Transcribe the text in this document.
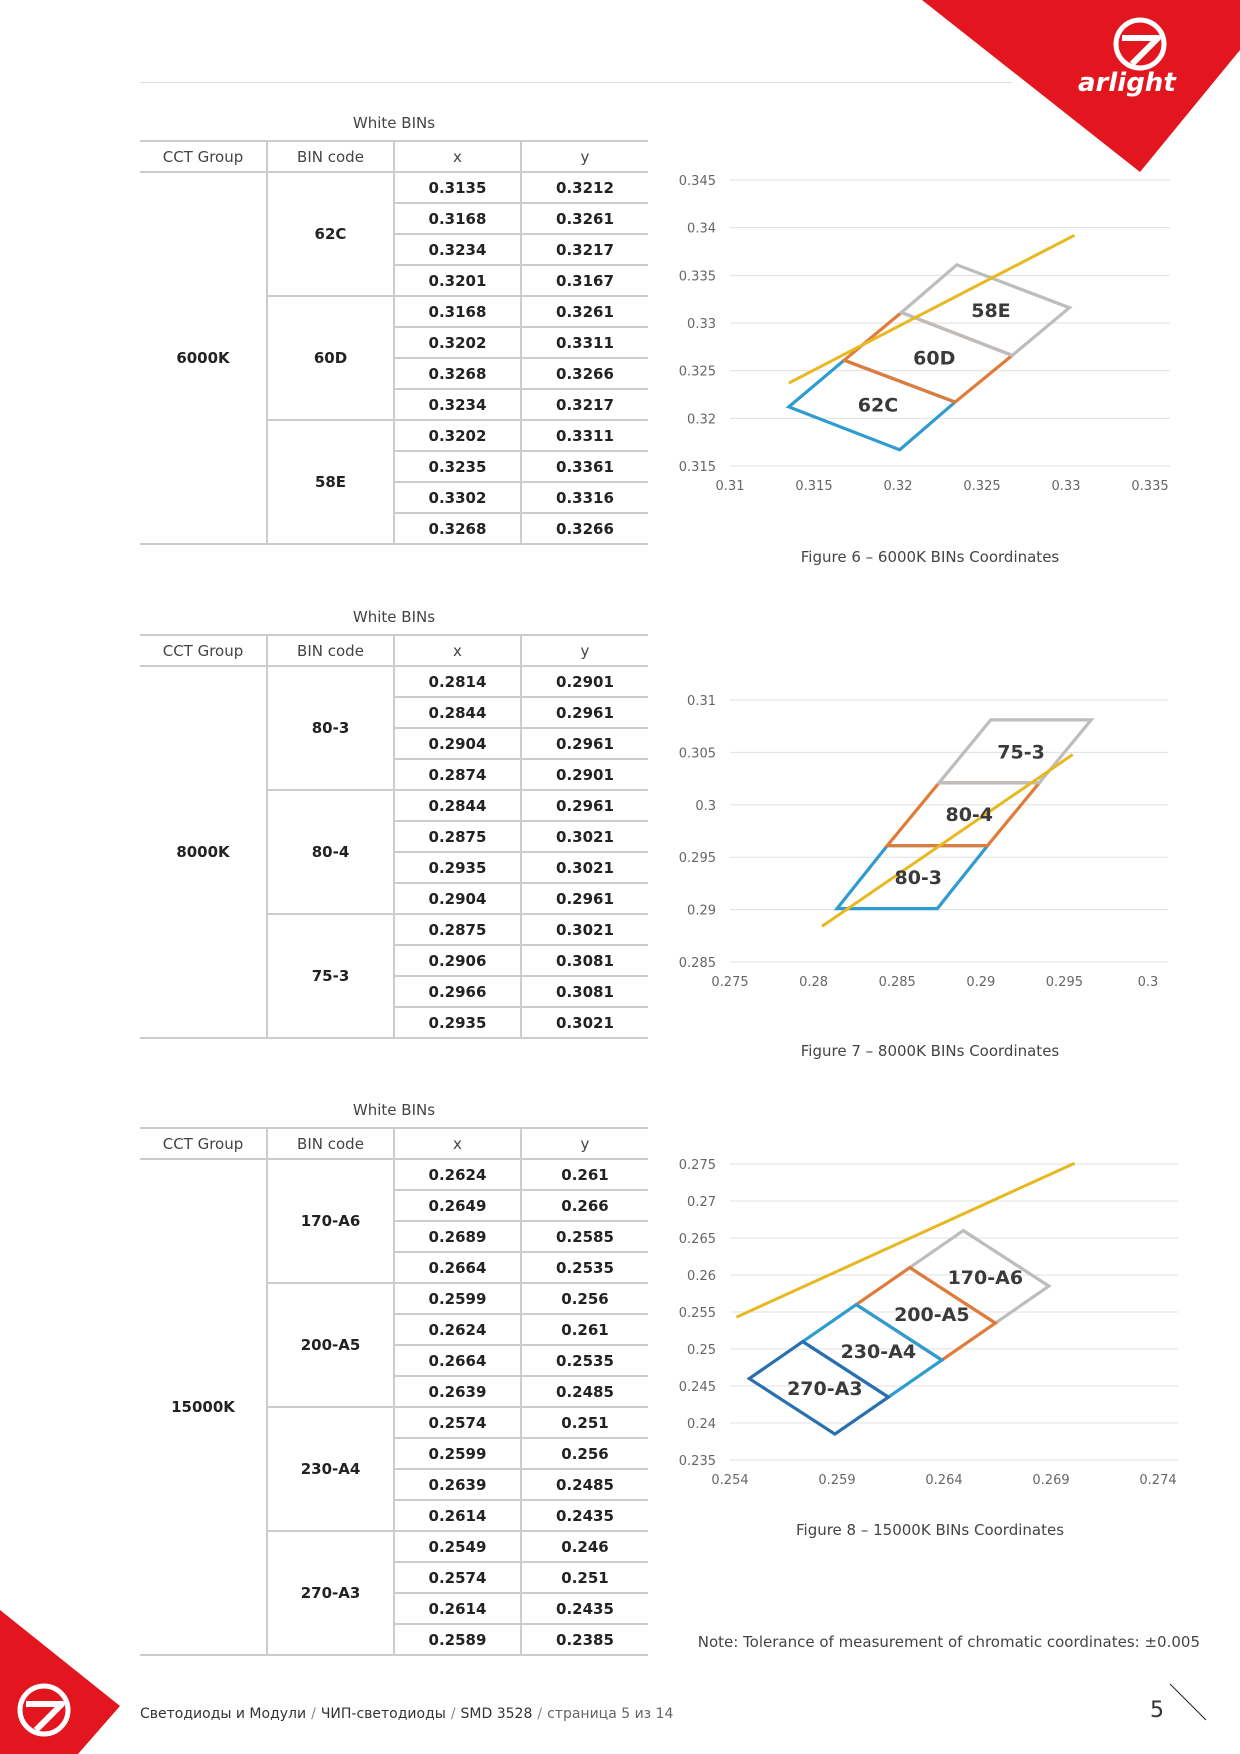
arlight
White BINs
CCT Group	BIN code	x	y
6000K	62C	0.3135	0.3212
		0.3168	0.3261
		0.3234	0.3217
		0.3201	0.3167
	60D	0.3168	0.3261
		0.3202	0.3311
		0.3268	0.3266
		0.3234	0.3217
	58E	0.3202	0.3311
		0.3235	0.3361
		0.3302	0.3316
		0.3268	0.3266
White BINs
CCT Group	BIN code	x	y
8000K	80-3	0.2814	0.2901
		0.2844	0.2961
		0.2904	0.2961
		0.2874	0.2901
	80-4	0.2844	0.2961
		0.2875	0.3021
		0.2935	0.3021
		0.2904	0.2961
	75-3	0.2875	0.3021
		0.2906	0.3081
		0.2966	0.3081
		0.2935	0.3021
White BINs
CCT Group	BIN code	x	y
15000K	170-A6	0.2624	0.261
		0.2649	0.266
		0.2689	0.2585
		0.2664	0.2535
	200-A5	0.2599	0.256
		0.2624	0.261
		0.2664	0.2535
		0.2639	0.2485
	230-A4	0.2574	0.251
		0.2599	0.256
		0.2639	0.2485
		0.2614	0.2435
	270-A3	0.2549	0.246
		0.2574	0.251
		0.2614	0.2435
		0.2589	0.2385
0.345
0.34
0.335
0.33
0.325
0.32
0.315
0.31	0.315	0.32	0.325	0.33	0.335
62C
60D
58E
Figure 6 – 6000K BINs Coordinates
0.31
0.305
0.3
0.295
0.29
0.285
0.275	0.28	0.285	0.29	0.295	0.3
80-3
80-4
75-3
Figure 7 – 8000K BINs Coordinates
0.275
0.27
0.265
0.26
0.255
0.25
0.245
0.24
0.235
0.254	0.259	0.264	0.269	0.274
170-A6
200-A5
230-A4
270-A3
Figure 8 – 15000K BINs Coordinates
Note: Tolerance of measurement of chromatic coordinates: ±0.005
Светодиоды и Модули / ЧИП-светодиоды / SMD 3528 / страница 5 из 14	5
